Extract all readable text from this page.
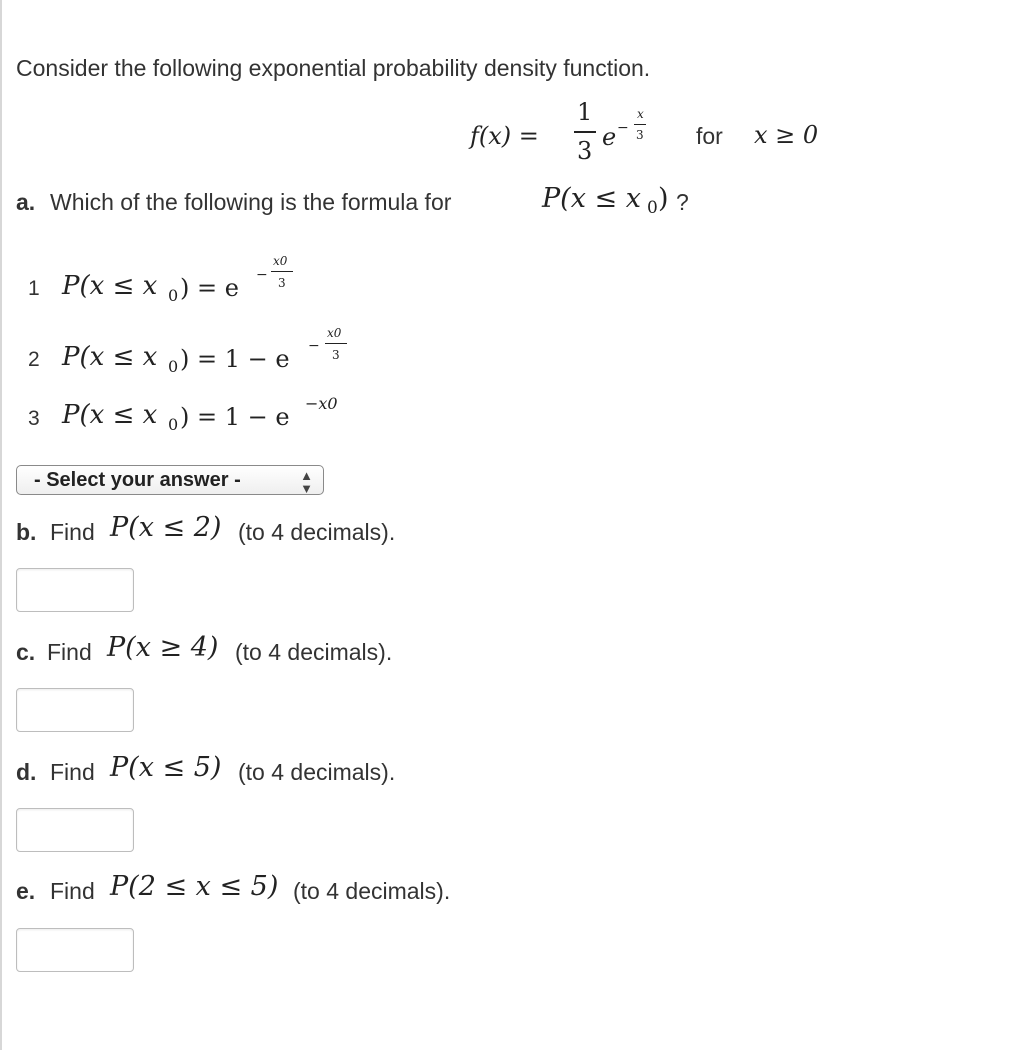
Consider the following exponential probability density function.
f(x) =
1
3 e −
x
3 for x ≥ 0
a. Which of the following is the formula for	P(x ≤ x 0 ) ?
1 P(x ≤ x 0 ) = e −
x0
3
2 P(x ≤ x 0 ) = 1 − e −
x0
3
3 P(x ≤ x 0 ) = 1 − e −x0
- Select your answer -	▲
▼
b. Find P(x ≤ 2) (to 4 decimals).
c. Find P(x ≥ 4) (to 4 decimals).
d. Find P(x ≤ 5) (to 4 decimals).
e. Find P(2 ≤ x ≤ 5) (to 4 decimals).
